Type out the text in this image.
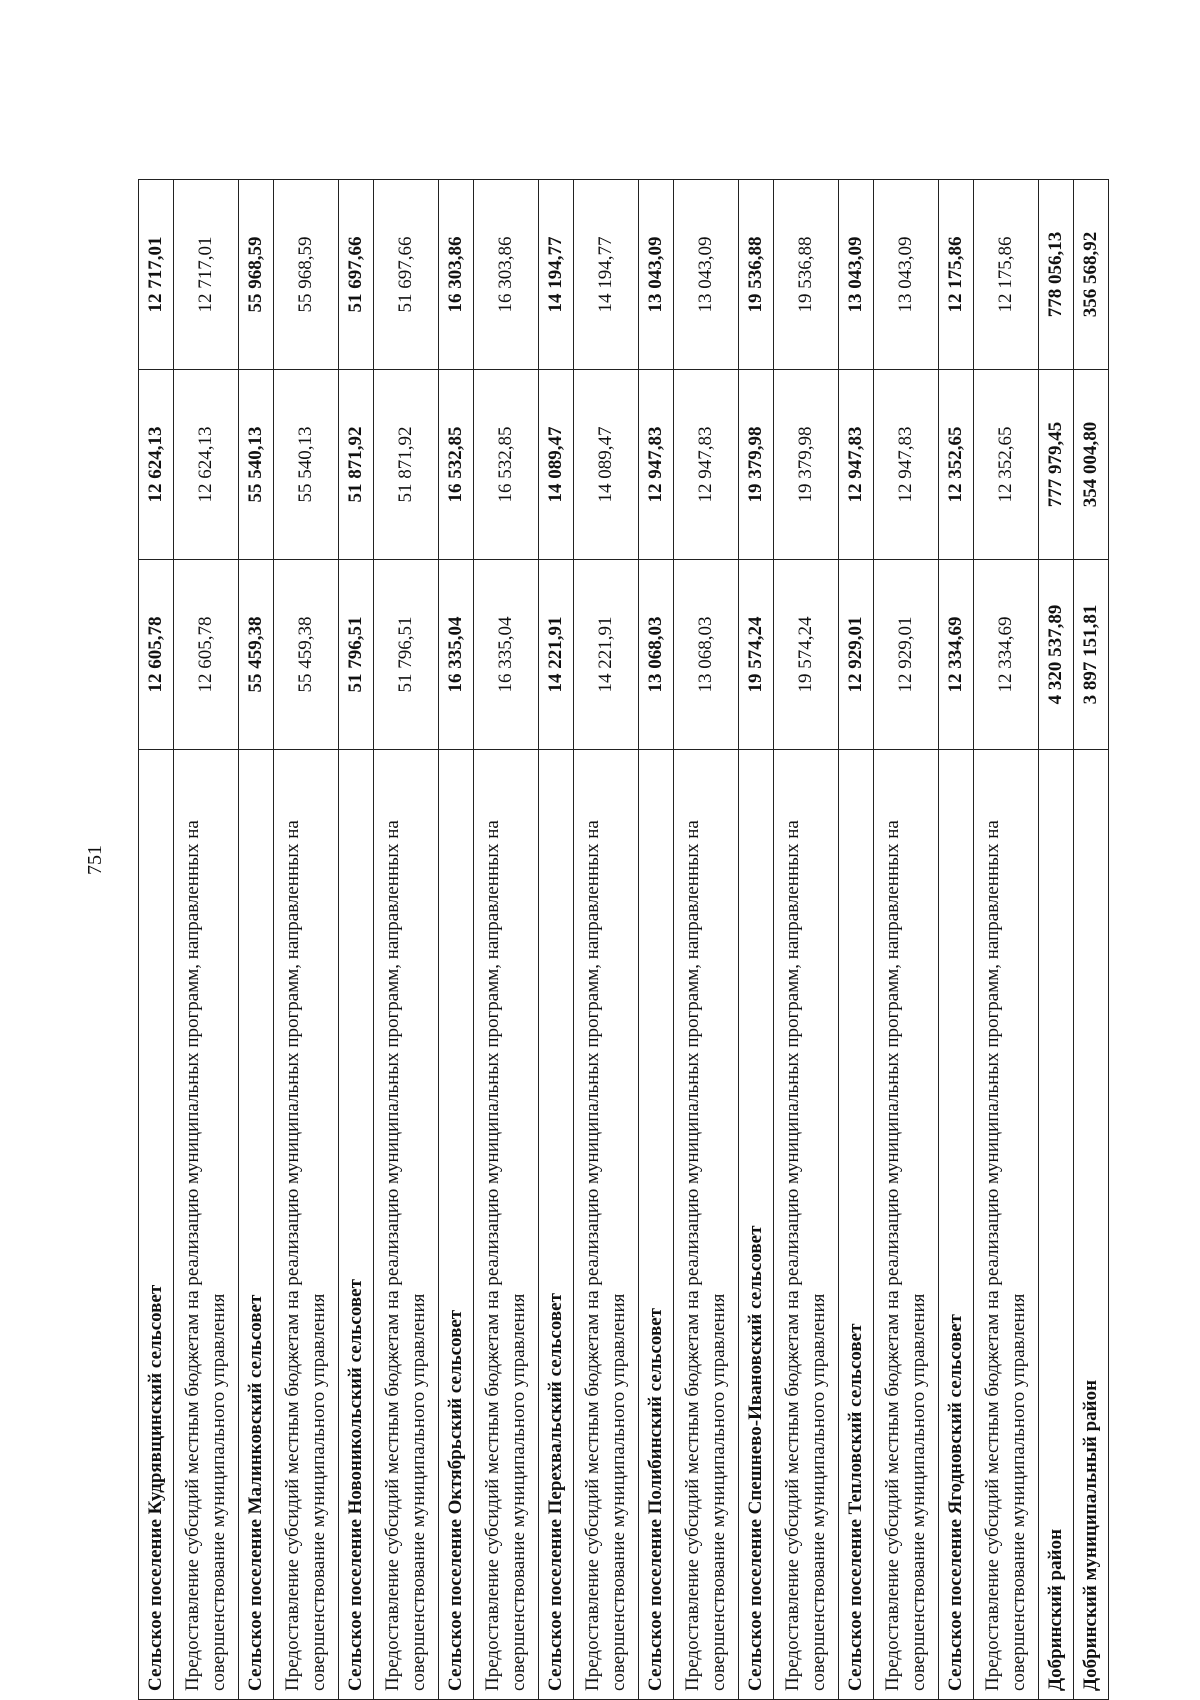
751
Сельское поселение Кудрявщинский сельсовет	12 605,78	12 624,13	12 717,01
Предоставление субсидий местным бюджетам на реализацию муниципальных программ, направленных на совершенствование муниципального управления	12 605,78	12 624,13	12 717,01
Сельское поселение Малинковский сельсовет	55 459,38	55 540,13	55 968,59
Предоставление субсидий местным бюджетам на реализацию муниципальных программ, направленных на совершенствование муниципального управления	55 459,38	55 540,13	55 968,59
Сельское поселение Новоникольский сельсовет	51 796,51	51 871,92	51 697,66
Предоставление субсидий местным бюджетам на реализацию муниципальных программ, направленных на совершенствование муниципального управления	51 796,51	51 871,92	51 697,66
Сельское поселение Октябрьский сельсовет	16 335,04	16 532,85	16 303,86
Предоставление субсидий местным бюджетам на реализацию муниципальных программ, направленных на совершенствование муниципального управления	16 335,04	16 532,85	16 303,86
Сельское поселение Перехвальский сельсовет	14 221,91	14 089,47	14 194,77
Предоставление субсидий местным бюджетам на реализацию муниципальных программ, направленных на совершенствование муниципального управления	14 221,91	14 089,47	14 194,77
Сельское поселение Полибинский сельсовет	13 068,03	12 947,83	13 043,09
Предоставление субсидий местным бюджетам на реализацию муниципальных программ, направленных на совершенствование муниципального управления	13 068,03	12 947,83	13 043,09
Сельское поселение Спешнево-Ивановский сельсовет	19 574,24	19 379,98	19 536,88
Предоставление субсидий местным бюджетам на реализацию муниципальных программ, направленных на совершенствование муниципального управления	19 574,24	19 379,98	19 536,88
Сельское поселение Тепловский сельсовет	12 929,01	12 947,83	13 043,09
Предоставление субсидий местным бюджетам на реализацию муниципальных программ, направленных на совершенствование муниципального управления	12 929,01	12 947,83	13 043,09
Сельское поселение Ягодновский сельсовет	12 334,69	12 352,65	12 175,86
Предоставление субсидий местным бюджетам на реализацию муниципальных программ, направленных на совершенствование муниципального управления	12 334,69	12 352,65	12 175,86
Добринский район	4 320 537,89	777 979,45	778 056,13
Добринский муниципальный район	3 897 151,81	354 004,80	356 568,92
